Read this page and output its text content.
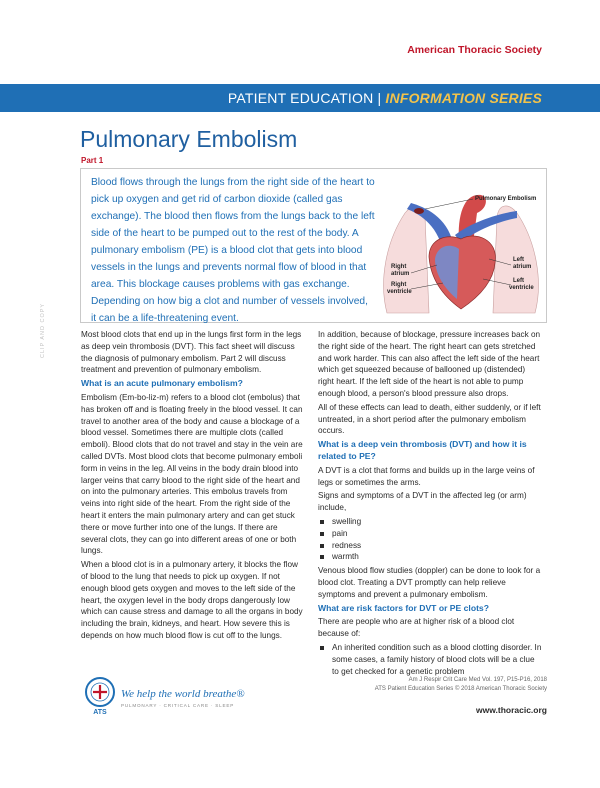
American Thoracic Society
PATIENT EDUCATION | INFORMATION SERIES
Pulmonary Embolism
Part 1
Blood flows through the lungs from the right side of the heart to pick up oxygen and get rid of carbon dioxide (called gas exchange). The blood then flows from the lungs back to the left side of the heart to be pumped out to the rest of the body. A pulmonary embolism (PE) is a blood clot that gets into blood vessels in the lungs and prevents normal flow of blood in that area. This blockage causes problems with gas exchange. Depending on how big a clot and number of vessels involved, it can be a life-threatening event.
Pulmonary Embolism
Right
atrium
Right
ventricle
Left
atrium
Left
ventricle
CLIP AND COPY	Most blood clots that end up in the lungs first form in the legs as deep vein thrombosis (DVT). This fact sheet will discuss the diagnosis of pulmonary embolism. Part 2 will discuss treatment and prevention of pulmonary embolism.

What is an acute pulmonary embolism?

Embolism (Em-bo-liz-m) refers to a blood clot (embolus) that has broken off and is floating freely in the blood vessel. It can travel to another area of the body and cause a blockage of a blood vessel. Sometimes there are multiple clots (called emboli). Blood clots that do not travel and stay in the vein are called DVTs. Most blood clots that become pulmonary emboli form in veins in the leg. All veins in the body drain blood into larger veins that carry blood to the right side of the heart and on into the pulmonary arteries. This embolus travels from veins into right side of the heart. From the right side of the heart it enters the main pulmonary artery and can get stuck there or move further into one of the lungs. If there are several clots, they can go into different areas of one or both lungs.

When a blood clot is in a pulmonary artery, it blocks the flow of blood to the lung that needs to pick up oxygen. If not enough blood gets oxygen and moves to the left side of the heart, the oxygen level in the body drops dangerously low which can cause stress and damage to all the organs in body including the brain, kidneys, and heart. How severe this is depends on how much blood flow is cut off to the lungs.

In addition, because of blockage, pressure increases back on the right side of the heart. The right heart can gets stretched and work harder. This can also affect the left side of the heart which get squeezed because of ballooned up (distended) right heart. If the left side of the heart is not able to pump enough blood, a person's blood pressure also drops.

All of these effects can lead to death, either suddenly, or if left untreated, in a short period after the pulmonary embolism occurs.

What is a deep vein thrombosis (DVT) and how it is related to PE?

A DVT is a clot that forms and builds up in the large veins of legs or sometimes the arms.

Signs and symptoms of a DVT in the affected leg (or arm) include,

swelling
pain
redness
warmth

Venous blood flow studies (doppler) can be done to look for a blood clot. Treating a DVT promptly can help relieve symptoms and prevent a pulmonary embolism.

What are risk factors for DVT or PE clots?

There are people who are at higher risk of a blood clot because of:

An inherited condition such as a blood clotting disorder. In some cases, a family history of blood clots will be a clue to get checked for a genetic problem
ATS
We help the world breathe®
PULMONARY · CRITICAL CARE · SLEEP
Am J Respir Crit Care Med Vol. 197, P15-P16, 2018
ATS Patient Education Series © 2018 American Thoracic Society
www.thoracic.org
